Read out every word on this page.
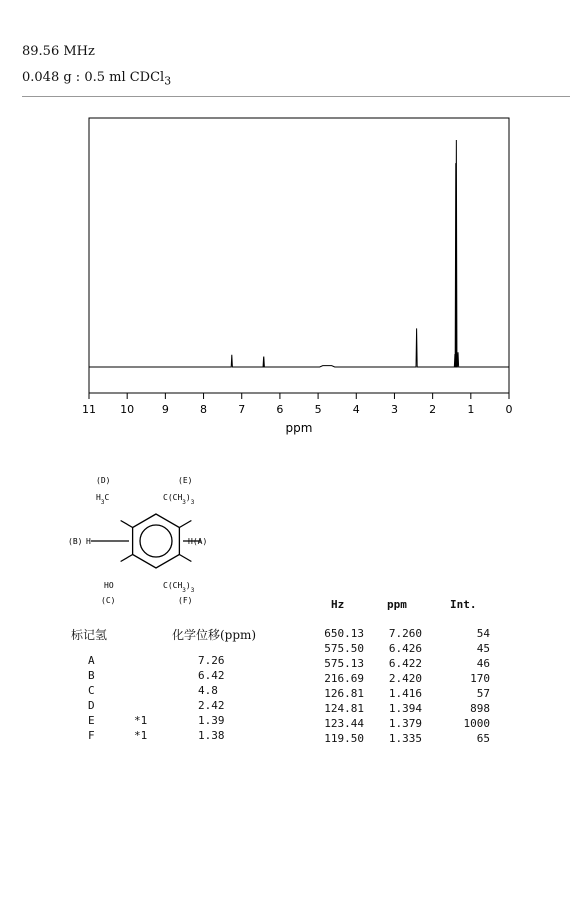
89.56 MHz
0.048 g : 0.5 ml CDCl$_3$
11 10	9	8	7	6	5	4	3	2	1	0
ppm
(D)	(E)
$H_3C$	$C(CH_3)_3$
(B) H	H(A)
HO	$C(CH_3)_3$
(C)	(F)
标记氢	化学位移(ppm)
A	7.26
B	6.42
C	4.8
D	2.42
E	*1	1.39
F	*1	1.38
Hz	ppm	Int.
650.13	7.260	54
575.50	6.426	45
575.13	6.422	46
216.69	2.420	170
126.81	1.416	57
124.81	1.394	898
123.44	1.379	1000
119.50	1.335	65
